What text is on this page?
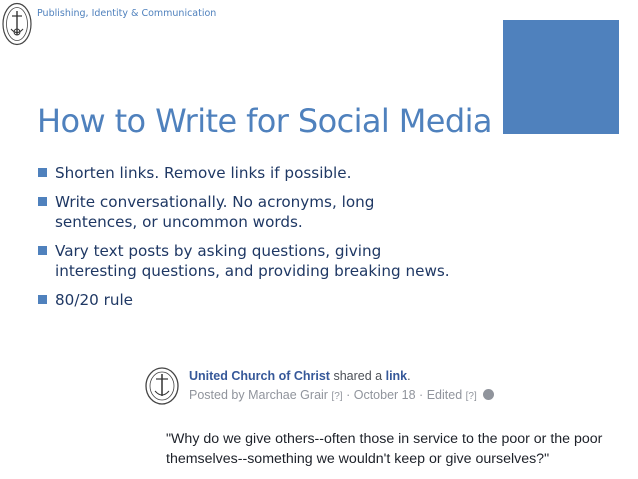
Publishing, Identity & Communication
How to Write for Social Media
Shorten links. Remove links if possible.
Write conversationally. No acronyms, long sentences, or uncommon words.
Vary text posts by asking questions, giving interesting questions, and providing breaking news.
80/20 rule
United Church of Christ shared a link.
Posted by Marchae Grair [?] · October 18 · Edited [?]
"Why do we give others--often those in service to the poor or the poor themselves--something we wouldn't keep or give ourselves?"
